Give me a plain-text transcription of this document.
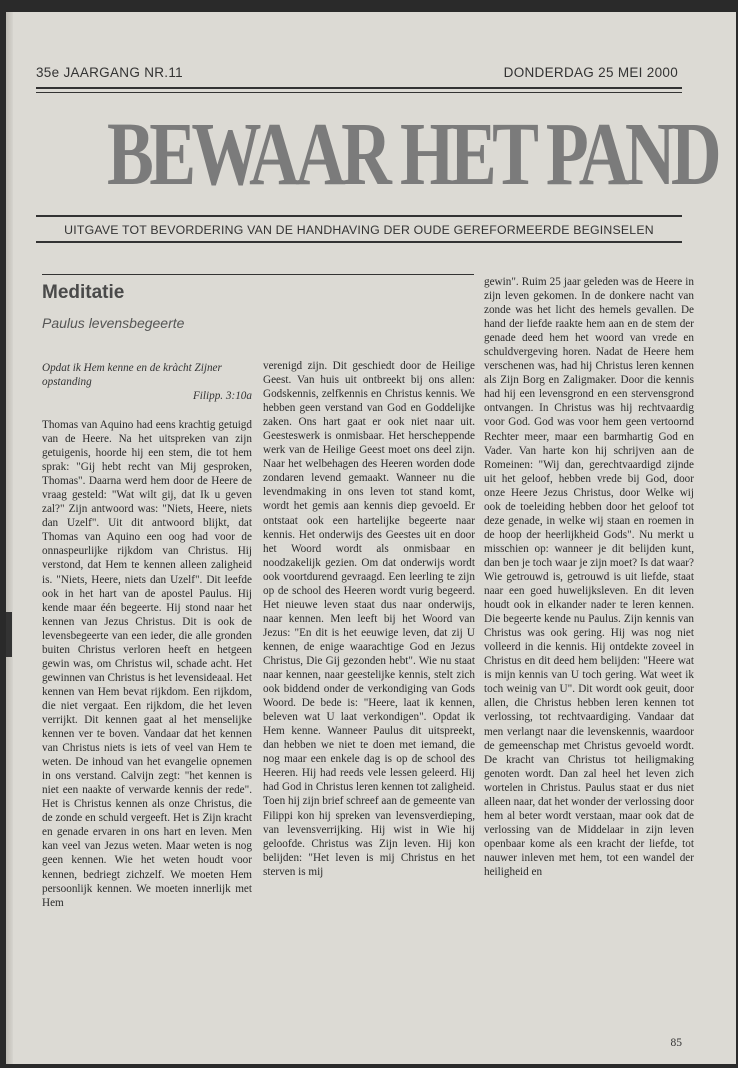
35e JAARGANG NR.11	DONDERDAG 25 MEI 2000
BEWAAR HET PAND
UITGAVE TOT BEVORDERING VAN DE HANDHAVING DER OUDE GEREFORMEERDE BEGINSELEN
Meditatie
Paulus levensbegeerte
Opdat ik Hem kenne en de kràcht Zijner opstanding
Filipp. 3:10a

Thomas van Aquino had eens krachtig getuigd van de Heere. Na het uitspreken van zijn getuigenis, hoorde hij een stem, die tot hem sprak: "Gij hebt recht van Mij gesproken, Thomas". Daarna werd hem door de Heere de vraag gesteld: "Wat wilt gij, dat Ik u geven zal?" Zijn antwoord was: "Niets, Heere, niets dan Uzelf". Uit dit antwoord blijkt, dat Thomas van Aquino een oog had voor de onnaspeurlijke rijkdom van Christus. Hij verstond, dat Hem te kennen alleen zaligheid is. "Niets, Heere, niets dan Uzelf". Dit leefde ook in het hart van de apostel Paulus. Hij kende maar één begeerte. Hij stond naar het kennen van Jezus Christus. Dit is ook de levensbegeerte van een ieder, die alle gronden buiten Christus verloren heeft en hetgeen gewin was, om Christus wil, schade acht. Het gewinnen van Christus is het levensideaal. Het kennen van Hem bevat rijkdom. Een rijkdom, die niet vergaat. Een rijkdom, die het leven verrijkt. Dit kennen gaat al het menselijke kennen ver te boven. Vandaar dat het kennen van Christus niets is iets of veel van Hem te weten. De inhoud van het evangelie opnemen in ons verstand. Calvijn zegt: "het kennen is niet een naakte of verwarde kennis der rede". Het is Christus kennen als onze Christus, die de zonde en schuld vergeeft. Het is Zijn kracht en genade ervaren in ons hart en leven. Men kan veel van Jezus weten. Maar weten is nog geen kennen. Wie het weten houdt voor kennen, bedriegt zichzelf. We moeten Hem persoonlijk kennen. We moeten innerlijk met Hem

verenigd zijn. Dit geschiedt door de Heilige Geest. Van huis uit ontbreekt bij ons allen: Godskennis, zelfkennis en Christus kennis. We hebben geen verstand van God en Goddelijke zaken. Ons hart gaat er ook niet naar uit. Geesteswerk is onmisbaar. Het herscheppende werk van de Heilige Geest moet ons deel zijn. Naar het welbehagen des Heeren worden dode zondaren levend gemaakt. Wanneer nu die levendmaking in ons leven tot stand komt, wordt het gemis aan kennis diep gevoeld. Er ontstaat ook een hartelijke begeerte naar kennis. Het onderwijs des Geestes uit en door het Woord wordt als onmisbaar en noodzakelijk gezien. Om dat onderwijs wordt ook voortdurend gevraagd. Een leerling te zijn op de school des Heeren wordt vurig begeerd. Het nieuwe leven staat dus naar onderwijs, naar kennen. Men leeft bij het Woord van Jezus: "En dit is het eeuwige leven, dat zij U kennen, de enige waarachtige God en Jezus Christus, Die Gij gezonden hebt". Wie nu staat naar kennen, naar geestelijke kennis, stelt zich ook biddend onder de verkondiging van Gods Woord. De bede is: "Heere, laat ik kennen, beleven wat U laat verkondigen". Opdat ik Hem kenne. Wanneer Paulus dit uitspreekt, dan hebben we niet te doen met iemand, die nog maar een enkele dag is op de school des Heeren. Hij had reeds vele lessen geleerd. Hij had God in Christus leren kennen tot zaligheid. Toen hij zijn brief schreef aan de gemeente van Filippi kon hij spreken van levensverdieping, van levensverrijking. Hij wist in Wie hij geloofde. Christus was Zijn leven. Hij kon belijden: "Het leven is mij Christus en het sterven is mij

gewin". Ruim 25 jaar geleden was de Heere in zijn leven gekomen. In de donkere nacht van zonde was het licht des hemels gevallen. De hand der liefde raakte hem aan en de stem der genade deed hem het woord van vrede en schuldvergeving horen. Nadat de Heere hem verschenen was, had hij Christus leren kennen als Zijn Borg en Zaligmaker. Door die kennis had hij een levensgrond en een stervensgrond ontvangen. In Christus was hij rechtvaardig voor God. God was voor hem geen vertoornd Rechter meer, maar een barmhartig God en Vader. Van harte kon hij schrijven aan de Romeinen: "Wij dan, gerechtvaardigd zijnde uit het geloof, hebben vrede bij God, door onze Heere Jezus Christus, door Welke wij ook de toeleiding hebben door het geloof tot deze genade, in welke wij staan en roemen in de hoop der heerlijkheid Gods". Nu merkt u misschien op: wanneer je dit belijden kunt, dan ben je toch waar je zijn moet? Is dat waar? Wie getrouwd is, getrouwd is uit liefde, staat naar een goed huwelijksleven. En dit leven houdt ook in elkander nader te leren kennen. Die begeerte kende nu Paulus. Zijn kennis van Christus was ook gering. Hij was nog niet volleerd in die kennis. Hij ontdekte zoveel in Christus en dit deed hem belijden: "Heere wat is mijn kennis van U toch gering. Wat weet ik toch weinig van U". Dit wordt ook geuit, door allen, die Christus hebben leren kennen tot verlossing, tot rechtvaardiging. Vandaar dat men verlangt naar die levenskennis, waardoor de gemeenschap met Christus gevoeld wordt. De kracht van Christus tot heiligmaking genoten wordt. Dan zal heel het leven zich wortelen in Christus. Paulus staat er dus niet alleen naar, dat het wonder der verlossing door hem al beter wordt verstaan, maar ook dat de verlossing van de Middelaar in zijn leven openbaar kome als een kracht der liefde, tot nauwer inleven met hem, tot een wandel der heiligheid en

85
